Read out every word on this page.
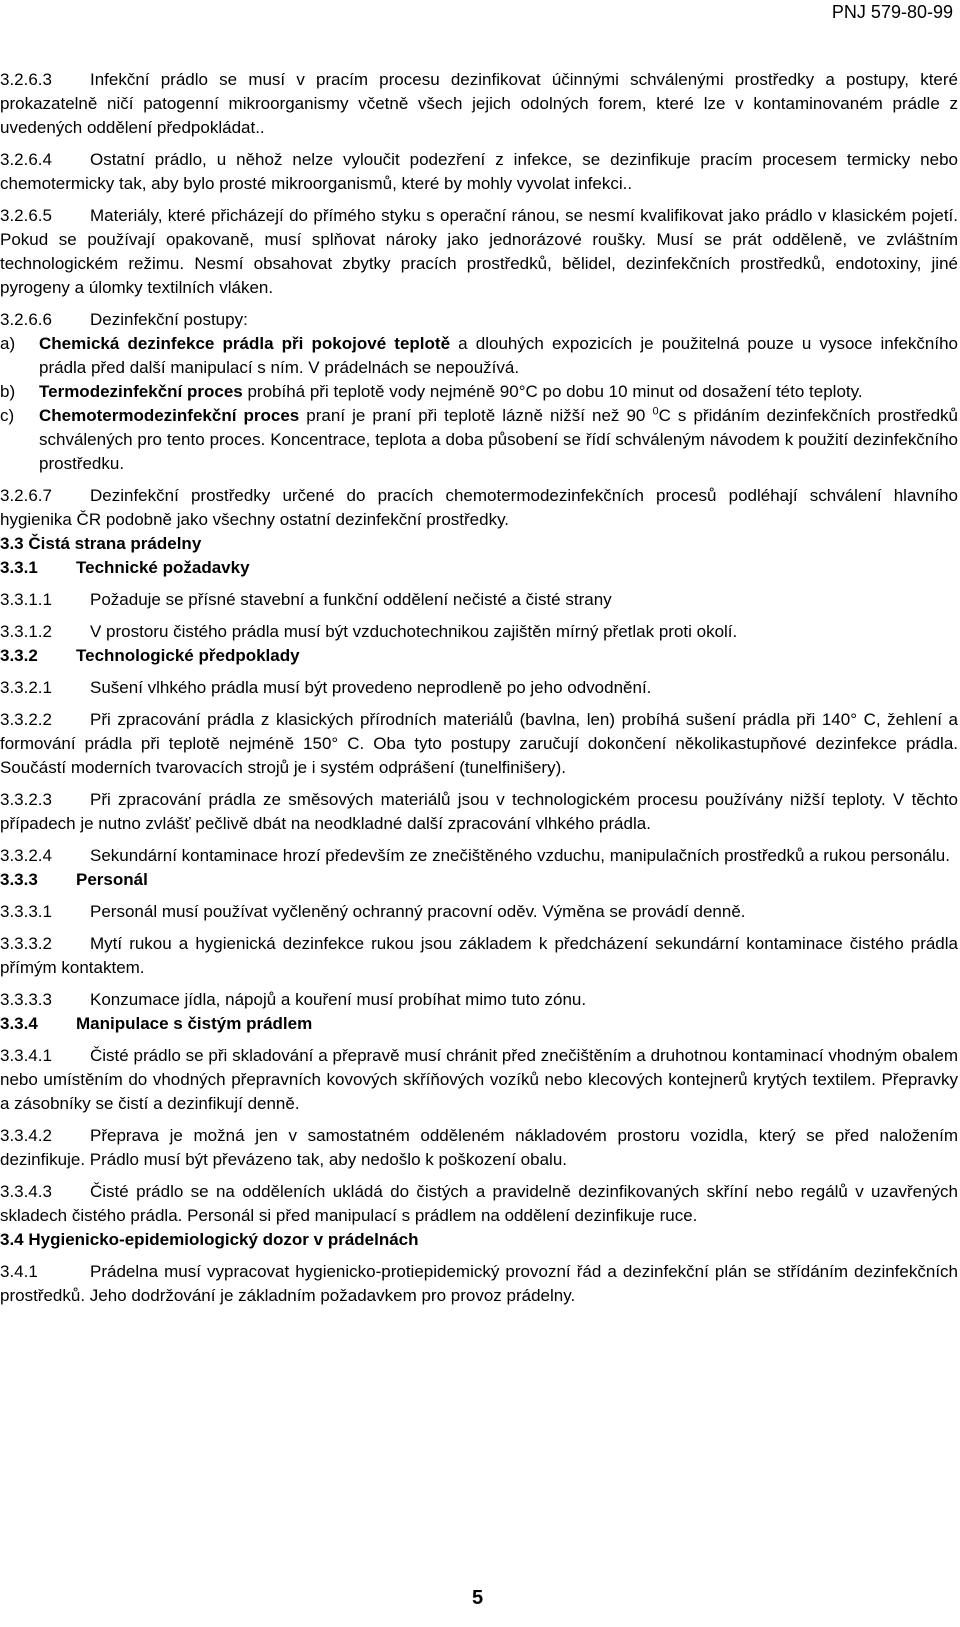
PNJ 579-80-99

3.2.6.3 Infekční prádlo se musí v pracím procesu dezinfikovat účinnými schválenými prostředky a postupy, které prokazatelně ničí patogenní mikroorganismy včetně všech jejich odolných forem, které lze v kontaminovaném prádle z uvedených oddělení předpokládat..

3.2.6.4 Ostatní prádlo, u něhož nelze vyloučit podezření z infekce, se dezinfikuje pracím procesem termicky nebo chemotermicky tak, aby bylo prosté mikroorganismů, které by mohly vyvolat infekci..

3.2.6.5 Materiály, které přicházejí do přímého styku s operační ránou, se nesmí kvalifikovat jako prádlo v klasickém pojetí. Pokud se používají opakovaně, musí splňovat nároky jako jednorázové roušky. Musí se prát odděleně, ve zvláštním technologickém režimu. Nesmí obsahovat zbytky pracích prostředků, bělidel, dezinfekčních prostředků, endotoxiny, jiné pyrogeny a úlomky textilních vláken.

3.2.6.6 Dezinfekční postupy:

a) Chemická dezinfekce prádla při pokojové teplotě a dlouhých expozicích je použitelná pouze u vysoce infekčního prádla před další manipulací s ním. V prádelnách se nepoužívá.
b) Termodezinfekční proces probíhá při teplotě vody nejméně 90°C po dobu 10 minut od dosažení této teploty.
c) Chemotermodezinfekční proces praní je praní při teplotě lázně nižší než 90 $^0$C s přidáním dezinfekčních prostředků schválených pro tento proces. Koncentrace, teplota a doba působení se řídí schváleným návodem k použití dezinfekčního prostředku.

3.2.6.7 Dezinfekční prostředky určené do pracích chemotermodezinfekčních procesů podléhají schválení hlavního hygienika ČR podobně jako všechny ostatní dezinfekční prostředky.

3.3 Čistá strana prádelny

3.3.1 Technické požadavky

3.3.1.1 Požaduje se přísné stavební a funkční oddělení nečisté a čisté strany

3.3.1.2 V prostoru čistého prádla musí být vzduchotechnikou zajištěn mírný přetlak proti okolí.

3.3.2 Technologické předpoklady

3.3.2.1 Sušení vlhkého prádla musí být provedeno neprodleně po jeho odvodnění.

3.3.2.2 Při zpracování prádla z klasických přírodních materiálů (bavlna, len) probíhá sušení prádla při 140° C, žehlení a formování prádla při teplotě nejméně 150° C. Oba tyto postupy zaručují dokončení několikastupňové dezinfekce prádla. Součástí moderních tvarovacích strojů je i systém odprášení (tunelfinišery).

3.3.2.3 Při zpracování prádla ze směsových materiálů jsou v technologickém procesu používány nižší teploty. V těchto případech je nutno zvlášť pečlivě dbát na neodkladné další zpracování vlhkého prádla.

3.3.2.4 Sekundární kontaminace hrozí především ze znečištěného vzduchu, manipulačních prostředků a rukou personálu.

3.3.3 Personál

3.3.3.1 Personál musí používat vyčleněný ochranný pracovní oděv. Výměna se provádí denně.

3.3.3.2 Mytí rukou a hygienická dezinfekce rukou jsou základem k předcházení sekundární kontaminace čistého prádla přímým kontaktem.

3.3.3.3 Konzumace jídla, nápojů a kouření musí probíhat mimo tuto zónu.

3.3.4 Manipulace s čistým prádlem

3.3.4.1 Čisté prádlo se při skladování a přepravě musí chránit před znečištěním a druhotnou kontaminací vhodným obalem nebo umístěním do vhodných přepravních kovových skříňových vozíků nebo klecových kontejnerů krytých textilem. Přepravky a zásobníky se čistí a dezinfikují denně.

3.3.4.2 Přeprava je možná jen v samostatném odděleném nákladovém prostoru vozidla, který se před naložením dezinfikuje. Prádlo musí být převázeno tak, aby nedošlo k poškození obalu.

3.3.4.3 Čisté prádlo se na odděleních ukládá do čistých a pravidelně dezinfikovaných skříní nebo regálů v uzavřených skladech čistého prádla. Personál si před manipulací s prádlem na oddělení dezinfikuje ruce.

3.4 Hygienicko-epidemiologický dozor v prádelnách

3.4.1	Prádelna musí vypracovat hygienicko-protiepidemický provozní řád a dezinfekční plán se střídáním dezinfekčních prostředků. Jeho dodržování je základním požadavkem pro provoz prádelny.

5
